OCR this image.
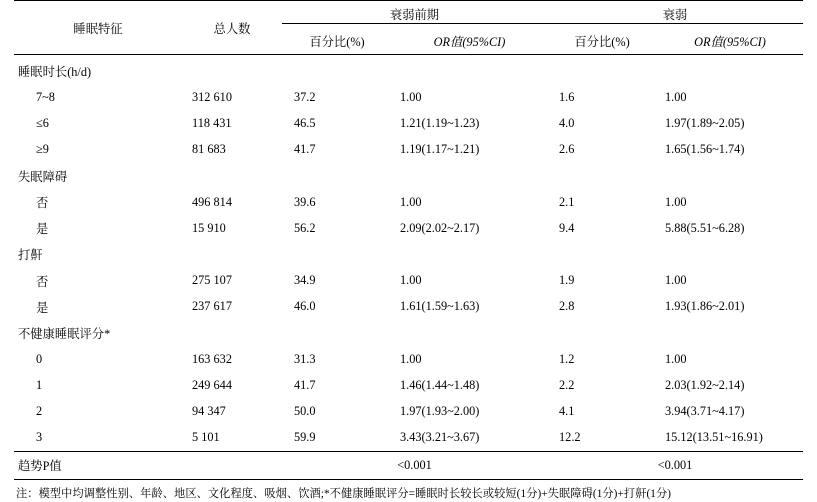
睡眠特征	总人数	衰弱前期		衰弱	

		百分比(%)	OR值(95%CI)	百分比(%)	OR值(95%CI)
睡眠时长(h/d)					
7~8	312 610	37.2	1.00	1.6	1.00
≤6	118 431	46.5	1.21(1.19~1.23)	4.0	1.97(1.89~2.05)
≥9	81 683	41.7	1.19(1.17~1.21)	2.6	1.65(1.56~1.74)
失眠障碍					
否	496 814	39.6	1.00	2.1	1.00
是	15 910	56.2	2.09(2.02~2.17)	9.4	5.88(5.51~6.28)
打鼾					
否	275 107	34.9	1.00	1.9	1.00
是	237 617	46.0	1.61(1.59~1.63)	2.8	1.93(1.86~2.01)
不健康睡眠评分*					
0	163 632	31.3	1.00	1.2	1.00
1	249 644	41.7	1.46(1.44~1.48)	2.2	2.03(1.92~2.14)
2	94 347	50.0	1.97(1.93~2.00)	4.1	3.94(3.71~4.17)
3	5 101	59.9	3.43(3.21~3.67)	12.2	15.12(13.51~16.91)
趋势P值		<0.001		<0.001	
注：模型中均调整性别、年龄、地区、文化程度、吸烟、饮酒;*不健康睡眠评分=睡眠时长较长或较短(1分)+失眠障碍(1分)+打鼾(1分)
